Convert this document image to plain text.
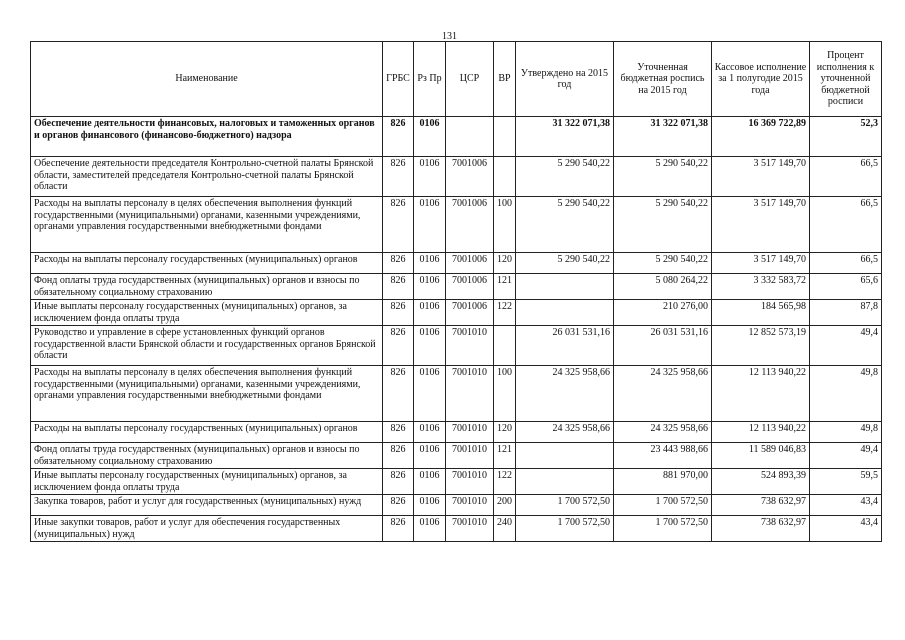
131
Наименование	ГРБС	Рз Пр	ЦСР	ВР	Утверждено на 2015 год	Уточненная бюджетная роспись на 2015 год	Кассовое исполнение за 1 полугодие 2015 года	Процент исполнения к уточненной бюджетной росписи
Обеспечение деятельности финансовых, налоговых и таможенных органов и органов финансового (финансово-бюджетного) надзора	826	0106			31 322 071,38	31 322 071,38	16 369 722,89	52,3
Обеспечение деятельности председателя Контрольно-счетной палаты Брянской области, заместителей председателя Контрольно-счетной палаты Брянской области	826	0106	7001006		5 290 540,22	5 290 540,22	3 517 149,70	66,5
Расходы на выплаты персоналу в целях обеспечения выполнения функций государственными (муниципальными) органами, казенными учреждениями, органами управления государственными внебюджетными фондами	826	0106	7001006	100	5 290 540,22	5 290 540,22	3 517 149,70	66,5
Расходы на выплаты персоналу государственных (муниципальных) органов	826	0106	7001006	120	5 290 540,22	5 290 540,22	3 517 149,70	66,5
Фонд оплаты труда государственных (муниципальных) органов и взносы по обязательному социальному страхованию	826	0106	7001006	121		5 080 264,22	3 332 583,72	65,6
Иные выплаты персоналу государственных (муниципальных) органов, за исключением фонда оплаты труда	826	0106	7001006	122		210 276,00	184 565,98	87,8
Руководство и управление в сфере установленных функций органов государственной власти Брянской области и государственных органов Брянской области	826	0106	7001010		26 031 531,16	26 031 531,16	12 852 573,19	49,4
Расходы на выплаты персоналу в целях обеспечения выполнения функций государственными (муниципальными) органами, казенными учреждениями, органами управления государственными внебюджетными фондами	826	0106	7001010	100	24 325 958,66	24 325 958,66	12 113 940,22	49,8
Расходы на выплаты персоналу государственных (муниципальных) органов	826	0106	7001010	120	24 325 958,66	24 325 958,66	12 113 940,22	49,8
Фонд оплаты труда государственных (муниципальных) органов и взносы по обязательному социальному страхованию	826	0106	7001010	121		23 443 988,66	11 589 046,83	49,4
Иные выплаты персоналу государственных (муниципальных) органов, за исключением фонда оплаты труда	826	0106	7001010	122		881 970,00	524 893,39	59,5
Закупка товаров, работ и услуг для государственных (муниципальных) нужд	826	0106	7001010	200	1 700 572,50	1 700 572,50	738 632,97	43,4
Иные закупки товаров, работ и услуг для обеспечения государственных (муниципальных) нужд	826	0106	7001010	240	1 700 572,50	1 700 572,50	738 632,97	43,4
